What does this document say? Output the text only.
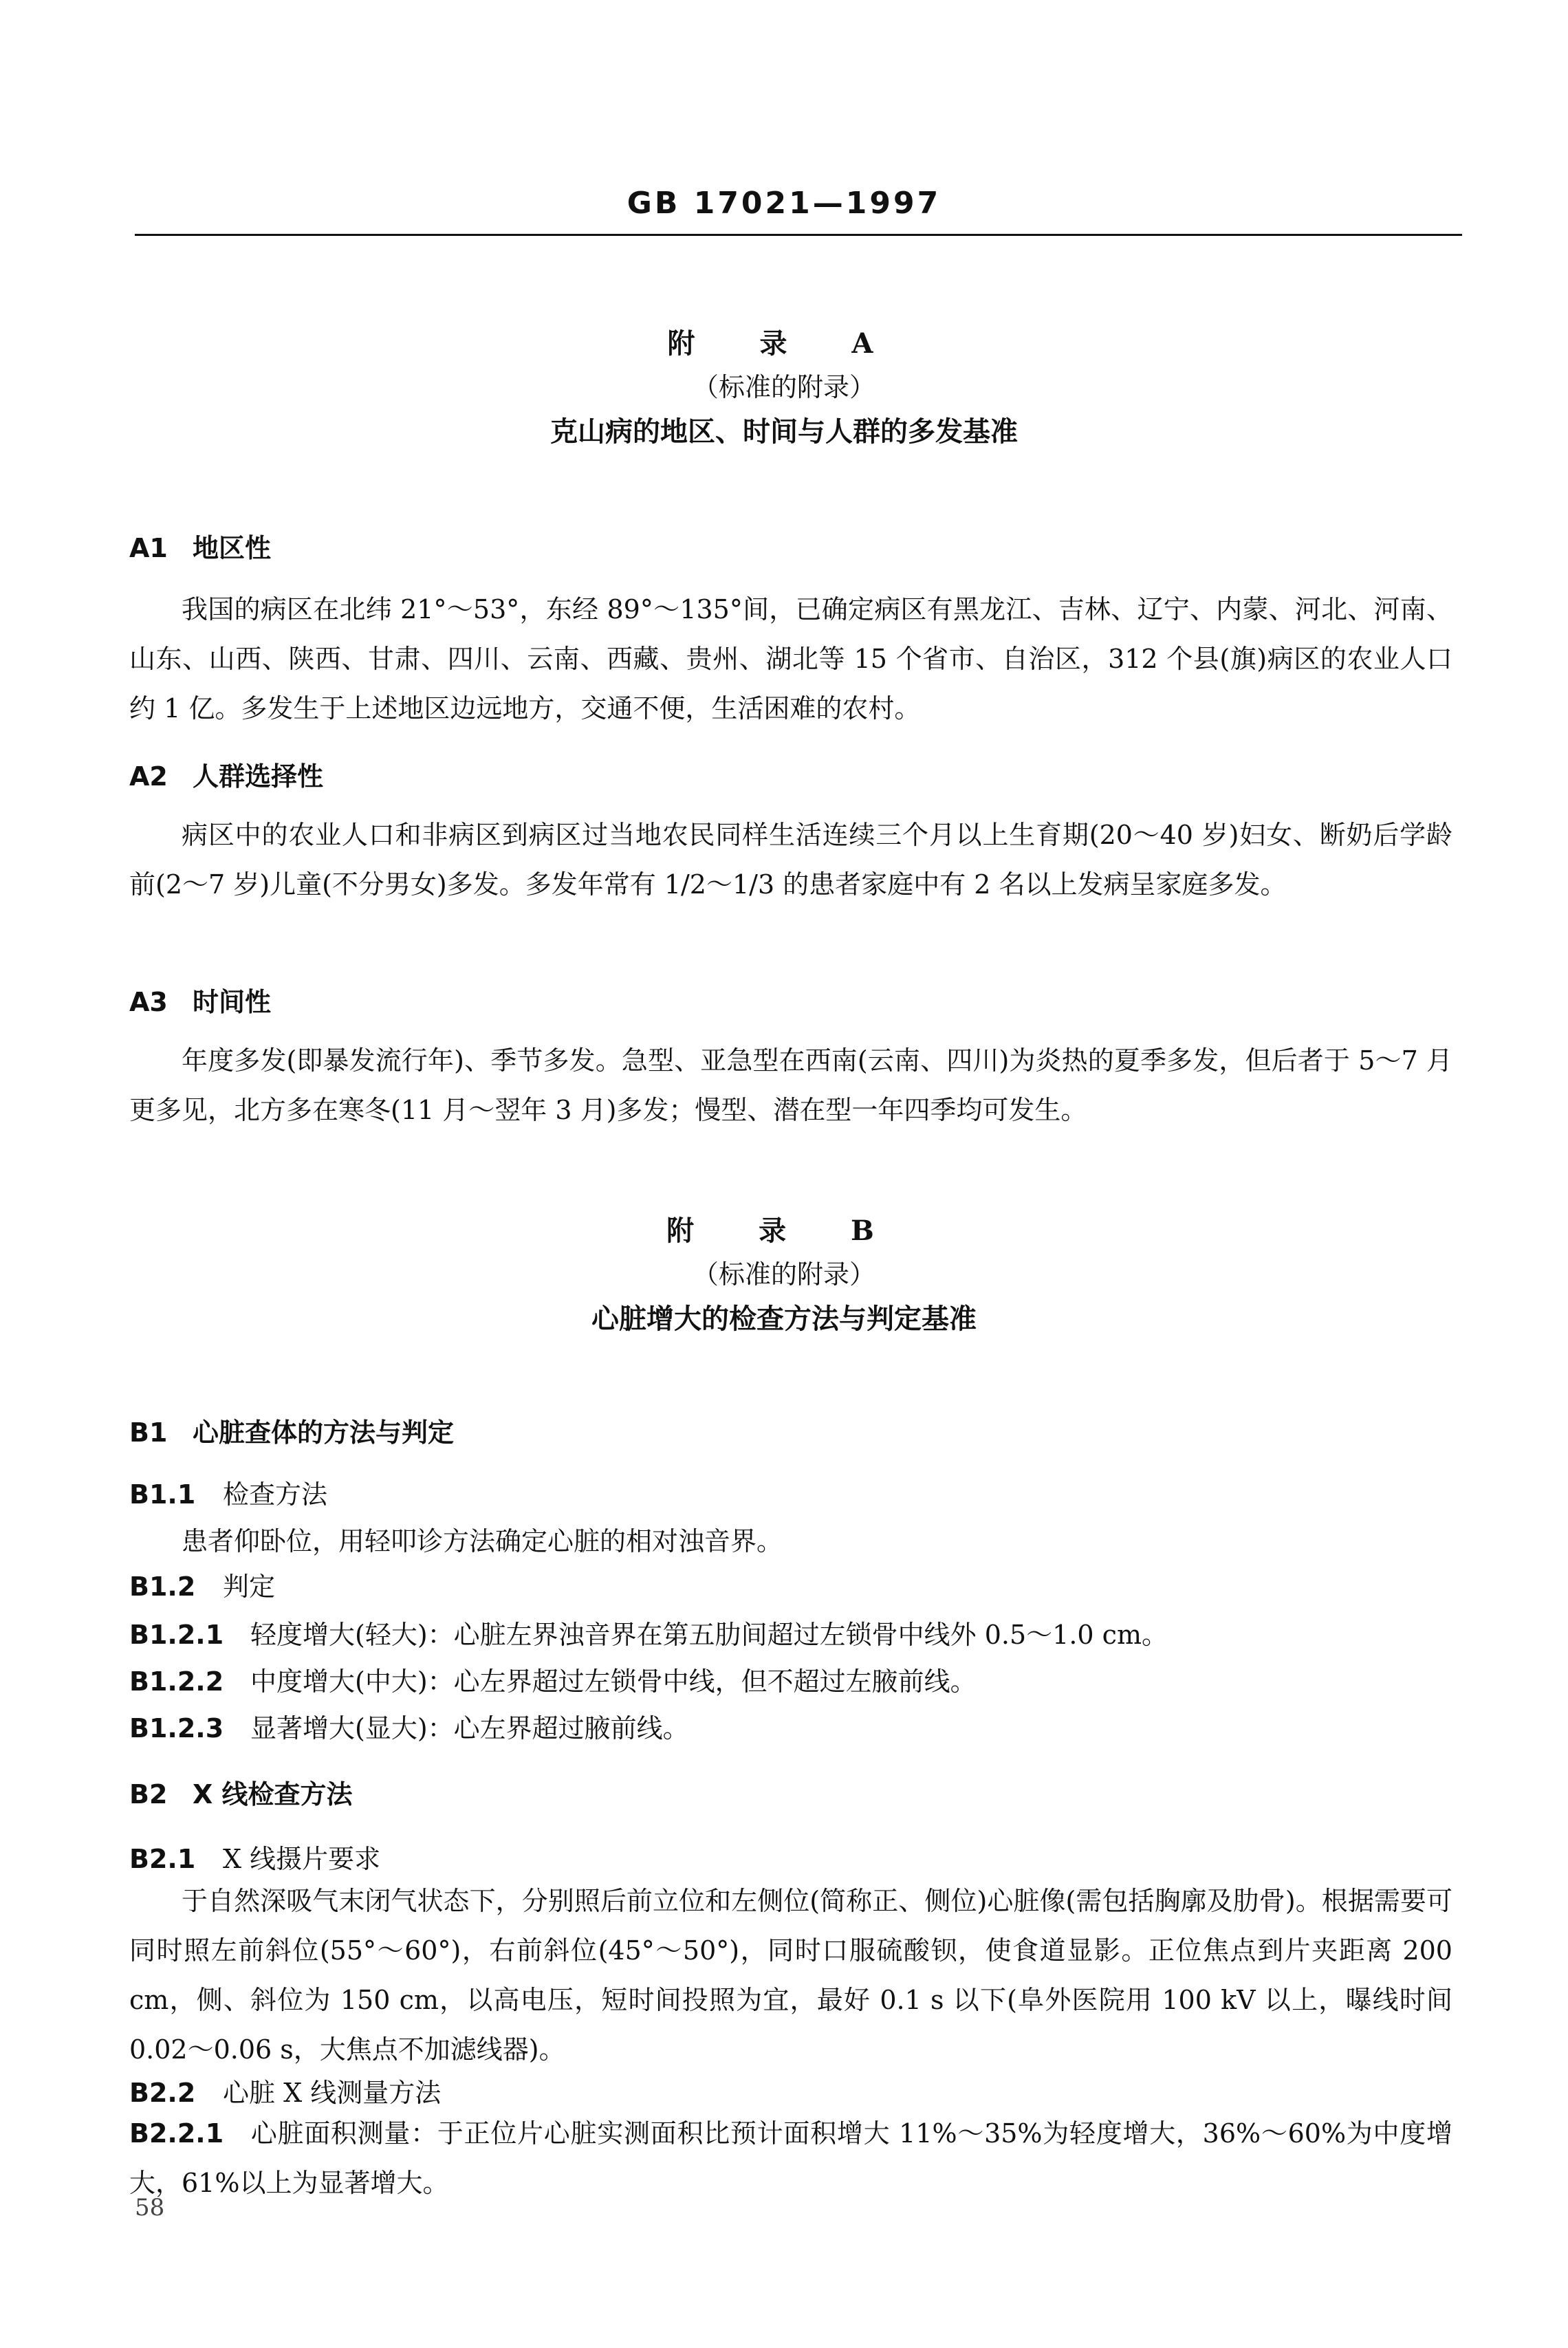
GB 17021—1997
附 录 A
（标准的附录）
克山病的地区、时间与人群的多发基准
A1 地区性
我国的病区在北纬 21°～53°，东经 89°～135°间，已确定病区有黑龙江、吉林、辽宁、内蒙、河北、河南、山东、山西、陕西、甘肃、四川、云南、西藏、贵州、湖北等 15 个省市、自治区，312 个县(旗)病区的农业人口约 1 亿。多发生于上述地区边远地方，交通不便，生活困难的农村。
A2 人群选择性
病区中的农业人口和非病区到病区过当地农民同样生活连续三个月以上生育期(20～40 岁)妇女、断奶后学龄前(2～7 岁)儿童(不分男女)多发。多发年常有 1/2～1/3 的患者家庭中有 2 名以上发病呈家庭多发。
A3 时间性
年度多发(即暴发流行年)、季节多发。急型、亚急型在西南(云南、四川)为炎热的夏季多发，但后者于 5～7 月更多见，北方多在寒冬(11 月～翌年 3 月)多发；慢型、潜在型一年四季均可发生。
附 录 B
（标准的附录）
心脏增大的检查方法与判定基准
B1 心脏查体的方法与判定
B1.1 检查方法
患者仰卧位，用轻叩诊方法确定心脏的相对浊音界。
B1.2 判定
B1.2.1 轻度增大(轻大)：心脏左界浊音界在第五肋间超过左锁骨中线外 0.5～1.0 cm。
B1.2.2 中度增大(中大)：心左界超过左锁骨中线，但不超过左腋前线。
B1.2.3 显著增大(显大)：心左界超过腋前线。
B2 X 线检查方法
B2.1 X 线摄片要求
于自然深吸气末闭气状态下，分别照后前立位和左侧位(简称正、侧位)心脏像(需包括胸廓及肋骨)。根据需要可同时照左前斜位(55°～60°)，右前斜位(45°～50°)，同时口服硫酸钡，使食道显影。正位焦点到片夹距离 200 cm，侧、斜位为 150 cm，以高电压，短时间投照为宜，最好 0.1 s 以下(阜外医院用 100 kV 以上，曝线时间 0.02～0.06 s，大焦点不加滤线器)。
B2.2 心脏 X 线测量方法
B2.2.1 心脏面积测量：于正位片心脏实测面积比预计面积增大 11%～35%为轻度增大，36%～60%为中度增大，61%以上为显著增大。
58
